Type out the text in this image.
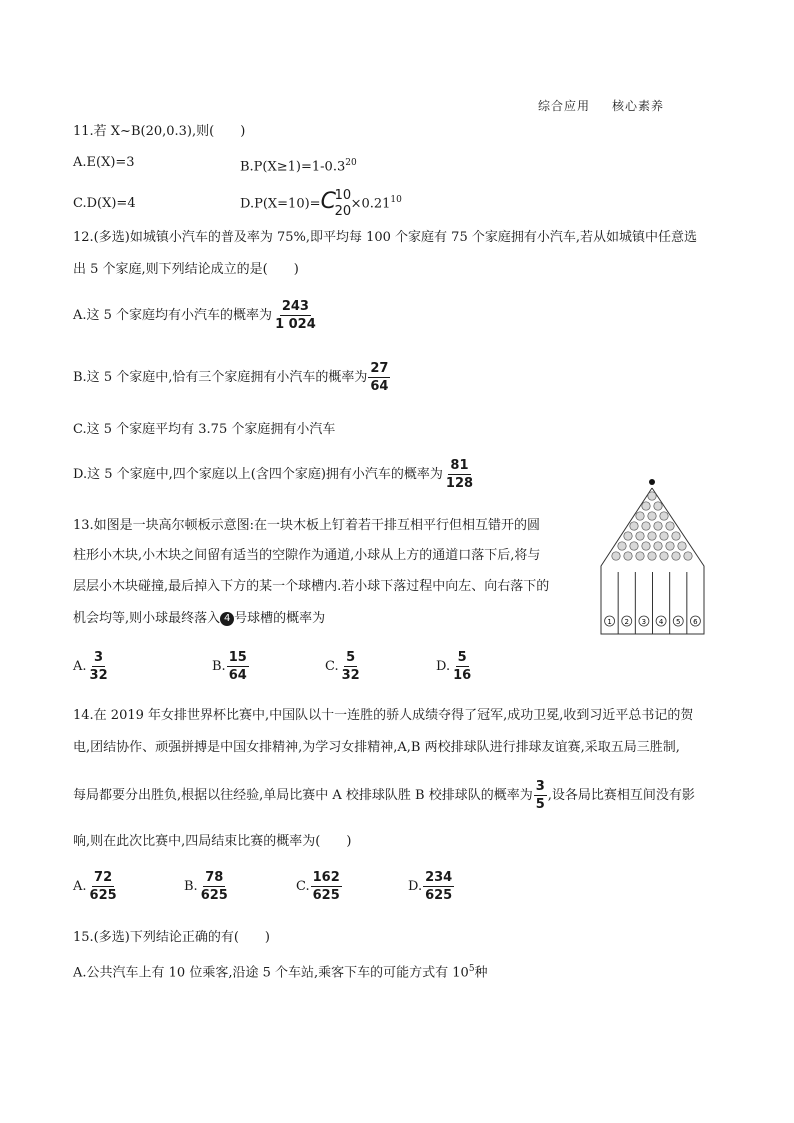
综合应用 核心素养
11.若 X~B(20,0.3),则(　　)
A.E(X)=3	$B.P(X\ge 1)=1-0.3^{20}$
C.D(X)=4	D.P(X=10)= C
10
$20 \times 0.21^{10}$
12.(多选)如城镇小汽车的普及率为 75%,即平均每 100 个家庭有 75 个家庭拥有小汽车,若从如城镇中任意选
出 5 个家庭,则下列结论成立的是(　　)
A.这 5 个家庭均有小汽车的概率为 $\frac{243}{1 024}$
B.这 5 个家庭中,恰有三个家庭拥有小汽车的概率为 $\frac{27}{64}$
C.这 5 个家庭平均有 3.75 个家庭拥有小汽车
D.这 5 个家庭中,四个家庭以上(含四个家庭)拥有小汽车的概率为 $\frac{81}{128}$
13.如图是一块高尔顿板示意图:在一块木板上钉着若干排互相平行但相互错开的圆
柱形小木块,小木块之间留有适当的空隙作为通道,小球从上方的通道口落下后,将与
层层小木块碰撞,最后掉入下方的某一个球槽内.若小球下落过程中向左、向右落下的
机会均等,则小球最终落入 4 号球槽的概率为	1 2 3 4 5 6
A. $\frac{3}{32}$	B. $\frac{15}{64}$	C. $\frac{5}{32}$	D. $\frac{5}{16}$
14.在 2019 年女排世界杯比赛中,中国队以十一连胜的骄人成绩夺得了冠军,成功卫冕,收到习近平总书记的贺
电,团结协作、顽强拼搏是中国女排精神,为学习女排精神,A,B 两校排球队进行排球友谊赛,采取五局三胜制,
每局都要分出胜负,根据以往经验,单局比赛中 A 校排球队胜 B 校排球队的概率为 $\frac{3}{5}$ ,设各局比赛相互间没有影
响,则在此次比赛中,四局结束比赛的概率为(　　)
A. $\frac{72}{625}$	B. $\frac{78}{625}$	C. $\frac{162}{625}$	D. $\frac{234}{625}$
15.(多选)下列结论正确的有(　　)
A.公共汽车上有 10 位乘客,沿途 5 个车站,乘客下车的可能方式有 $10^5$种
